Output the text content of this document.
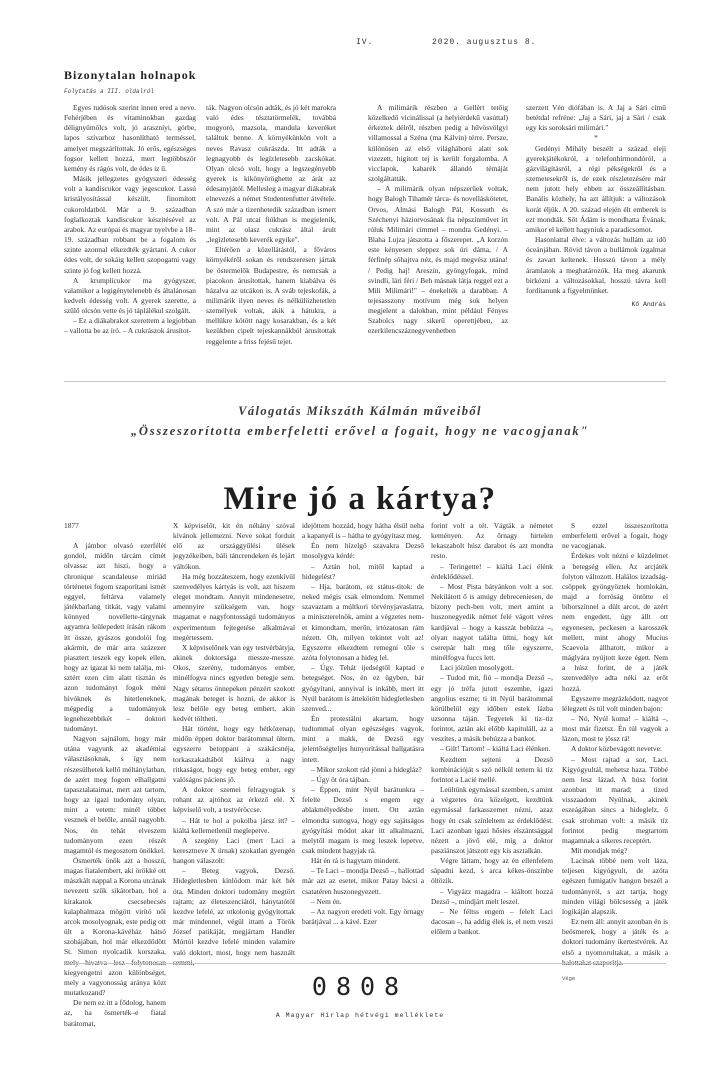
IV.	2020. augusztus 8.
Bizonytalan holnapok
Folytatás a III. oldalról

Egyes tudósok szerint innen ered a neve. Fehérjében és vitaminokban gazdag délignyümölcs volt, jó araszníyi, görbe, lapos szívarhoz hasonlítható terméssel, amelyet megszárítottak. Jó erős, egészséges fogsor kellett hozzá, mert legtöbbször kemény és rágós volt, de édes íz ű.

Másik jellegzetes gyógyszeri édesség volt a kandiscukor vagy jegescukor. Lassú kristályosítással készült, finomított cukoroldatból. Már a 9. században foglalkoztak kandiscukor készítésével az arabok. Az európai és magyar nyelvbe a 18–19. században robbant be a fogalom és szinte azonnal elkezdték gyártani. A cukor édes volt, de sokáig kellett szopogatni vagy szinte jó fog kellett hozzá.

A krumplicukor ma gyógyszer, valamikor a legigénytelenebb és általánosan kedvelt édesség volt. A gyerek szerette, a szülő olcsón vette és jó táplálékul szolgált.

– Ez a diákabrakot szerettem a legjobban – vallotta be az író. – A cukrászok árusítot-

ták. Nagyon olcsón adták, és jó két marokra való édes tésztatörmelék, továbbá mogyoró, mazsola, mandula keveréket találtuk benne. A környékünkön volt a neves Ravasz cukrászda. Itt adták a legnagyobb és legízletesebb zacskókat. Olyan olcsó volt, hogy a legszegényebb gyerek is kikönyöröghette az árát az édesanyjától. Mellesleg a magyar diákabrak elnevezés a német Studentenfutter átvétele. A szó már a tizenhetedik században ismert volt. A Pál utcai fiúkban is megjelenik, mint az olasz cukrász által árult „legízletesebb keverék egyike".

Eltérően a közellátástól, a főváros környékéről sokan és rendszeresen jártak be östermelők Budapestre, és nemcsak a piacokon árusítottak, hanem kiabálva és házalva az utcákon is. A sváb tejeskofák, a milimárik ilyen neves és nélkülözhetetlen személyek voltak, akik a hátukra, a mellükre kötött nagy kosarakban, és a két kezükben cipelt tejeskannákból árusítottak reggelente a friss fejésű tejet.

A milimárik részben a Gellért tetőig közelkedő vicinálissal (a helyiérdekű vasúttal) érkeztek délről, részben pedig a hűvösvölgyi villamossal a Széna (ma Kálvin) térre. Persze, különösen az első világháború alatt sok vizezett, higított tej is került forgalomba. A vicclapok, kabarék állandó témáját szolgáltatták.

– A milimárik olyan népszerűek voltak, hogy Balogh Tihamér tárca- és novelláskötetet, Orvos, Almási Balogh Pál, Kossuth és Széchenyi háziorvosának fia népszínművet írt róluk Milimári címmel – mondta Gedényi. – Blaha Lujza játszotta a főszerepet. „A korzón este kényesen sleppez sok úri dáma, / A férfinép sóhajtva néz, és majd megvész utána! / Pedig haj! Areszín, gyöngyfogak, mind svindli, lári féri / Beh másnak látja reggel ezt a Mili Milimári!" – énekelték a darabban. A tejesasszony motívum még sok helyen megjelent a dalokban, mint például Fényes Szabolcs nagy sikerű operettjében, az ezerkilencszáznegyvenhetben

szerzett Vén diófában is. A Jaj a Sári című betétdal refréne: „Jaj a Sári, jaj a Sári / csak egy kis soroksári milimári."

*

Gedényi Mihály beszélt a század eleji gyerekjátékokról, a telefonhírmondóról, a gázvilágításról, a régi pékségekről és a szemetesekről is, de ezek részletezésére már nem jutott hely ebben az összeállításban. Banálís közhely, ha azt állítjuk: a változások korát éljük. A 20. század elején élt emberek is ezt mondták. Sőt Ádám is mondhatta Évának, amikor el kellett hagyniuk a paradicsomot.

Hasonlattal élve: a változás hullám az idő óceánjában. Rövid távon a hullámok ízgalmat és zavart keltenek. Hosszú távon a mély áramlatok a meghatározók. Ha meg akarunk birkózni a változásokkal, hosszú távra kell fordítanunk a figyelmünket.

Kő András

Válogatás Mikszáth Kálmán műveiből
„Összeszorította emberfeletti erővel a fogait, hogy ne vacogjanak"
Mire jó a kártya?

1877

A jámbor olvasó ezerfélét gondol, midőn tárcám címét olvassa: azt hiszi, hogy a chronique scandaleuse miriád történetei fogom szaporítani ismét eggyel, feltárva valamely játékbarlang titkát, vagy valami könnyed novellette-tárgynak agyamra leülepedett írásán rákom ítt össze, gyászos gondolói fog akármit, de már arra százezer piasztert teszek egy kopek ellen, hogy az igazat ki nem találja, misztért ezen cím alatt tisztán és azon tudományt fogok méni hivóknek és hitetleneknek, mégpedig a tudományok legnehezebbikét – doktori tudományt.

Nagyon sajnálom, hogy már utána vagyunk az akadémiai választásoknak, s így nem részesülhetek kellő méltánylatban, de azért meg fogom elhallgatni tapasztalataimat, mert azt tartom, hogy az igazi tudomány olyan, mint a vetem: minél többet vesznek el belőle, annál nagyobb. Nos, én tehát elveszem tudományom ezen részét magamtól és megosztom önökkel.

Ösmerték önök azt a hosszú, magas fiatalembert, aki örökké ott mászkált nappal a Korona utcának nevezett szűk sikátorban, hol a kirakatok csecsebecsés kalaphalmaza mögött virító női arcok mosolyognak, este pedig ott ült a Korona-kávéház hátsó szobájában, hol már elkezdődött St. Simon nyolcadik korszaka, kiegyengetni azon különbséget, mely a vagyonosság aránya közt mutatkozand?

De nem ez itt a fődolog, hanem az, ha ösmerték–e fiatal barátomat,

X képviselőt, kit én néhány szóval kívánok jellemezni. Neve sokat forduit elő az országgyűlési ülések jegyzékeiben, báli táncrendeken és lejárt váltókon.

Ha még hozzáteszem, hogy ezenkívül szenvedélyes kártyás is volt, azt hiszem eleget mondtam. Annyit mindenesetre, amennyire szükségem van, hogy magamat e nagyfontosságú tudományos experimentum fejtegetése alkalmával megértessem.

X képviselőnek van egy testvérbátyja, akinek doktorsága messze-messze. Okos, szerény, tudományos ember, minélfogva nincs egyetlen betegje sem. Nagy sétaros önnepeken pénzért szokott magának beteget is hozni, de akkor is lesz belőle egy beteg embert, akin kedvét töltheti.

Hát történt, hogy egy hétközenap, midőn éppen doktor barátommal ültem, egyszerre betoppant a szakácsnéja, torkaszakadtából kiáltva a nagy ritkaságot, hogy egy beteg ember, egy valóságos páciens jő.

A doktor szemei felragyogtak s rohant az ajtóhoz az érkező elé. X képviselő volt, a testvéröccse.

– Hát te hol a pokolba jársz itt? – kiáltá kellemetlenül meglepetve.

A szegény Laci (mert Laci a keresztneve X úrnak) szokatlan gyengén hangon válaszolt:

– Beteg vagyok, Dezső. Hidegletlesben kínlódom már két hét óta. Minden doktori tudomány megtört rajtam; az életeszenciától, hánytatótól kezdve lefelé, az otkolonig gyógyítottak már mindennel, végül ittam a Török József patikáját, megjártam Handler Mórtól kezdve lefelé minden valamire való doktort, most, hogy nem használt

idejöttem hozzád, hogy hátha élsül neha a kapanyél is – hátha te gyógyítasz meg.

Én nem hízelgő szavakra Dezső mosolygva kérdé:

– Aztán hol, mitől kaptad a hidegelést?

– Hja, barátom, ez státus-titok: de neked mégis csak elmondom. Nemmel szavaztam a múltkori törvényjavaslatra, a miniszterelnök, amint a végzetes nem-et kimondtam, merőn, irtózatosan rám nézett. Oh, milyen tekintet volt az! Egyszerre elkezdtem remegni tőle s azóta folytonosan a hideg lel.

– Úgy. Tehát ijedségtől kaptad e betegséget. Nos, én ez ügyben, bár gyógyítani, annyival is inkább, mert itt Nyúl barátom is áttekötött hidegletlesben szenved...

Én protestálni akartam, hogy tudtommal olyan egészséges vagyok, mint a makk, de Dezső egy jelentőségteljes hunyorítással hallgatásra intett.

– Mikor szokott rád jönni a hidegláz?

– Úgy öt óra tájban.

– Éppen, mint Nyúl barátunkra – felelte Dezső s engem egy ablakmélyedésbe intett. Ott aztán elmondta suttogva, hogy egy sajátságos gyógyítási módot akar itt alkalmazni, melytől magam is meg leszek lepetve, csak mindent hagyjak rá.

Hát én rá is hagytam mindent.

– Te Laci – mondja Dezső –, hallottad már azt az esetet, mikor Patay bácsi a csatatéren huszonegyezett.

– Nem én.

– Az nagyon eredeti volt. Egy örnagy barátjával ... a kávé. Ezer

forint volt a tét. Vágták a németet keményen. Az őrnagy hirtelen lekaszabolt húsz darabot és azt mondta resto.

– Teringette! – kiáltá Laci élénk érdeklődéssel.

– Most Pista bátyánkon volt a sor. Nekilátott ő is amúgy debreceniesen, de bizony pech-ben volt, mert amint a huszonegyedik német felé vágott véres kardjával – hogy a kasszát bebüzza –, olyan nagyot találta üttni, hogy két cserepár halt meg tőle egyszerre, minélfogva fuccs lett.

Laci jóízűen mosolygott.

– Tudod mit, fiú – mondja Dezső –, egy jó tréfa jutott eszembe, igazi angolius eszme; ti itt Nyúl barátommal körülbelül egy időben estek lázba uzsonna táján. Tegyetek ki tiz–tiz forintot, aztán aki előbb kapituláll, az a veszítes, a másik behúzza a bankot.

– Gilt! Tartom! – kiáltá Laci élénken.

Kezdtem sejteni a Dezső kombinációját s szó nélkül tettem ki tíz forintot a Lacié mellé.

Leültünk egymással szemben, s amint a végzetes óra közelgett, kezdtünk egymással farkasszemet nézni, azaz hogy én csak színleltem az érdeklődést. Laci azonban igazi hősies elszántsággal nézett a jövő elé, míg a doktor pasziánszot játszott egy kis asztalkán.

Végre láttam, hogy az én ellenfelem sápadni kezd, s arca kékes-önszínbe öltözik.

– Vigyázz magadra – kiáltott hozzá Dezső –, mindjárt melt leszel.

– Ne féltss engem – felelt Laci dacosan –, ha addig élek is, el nem veszi előlem a bankot.

S ezzel összeszorította emberfeletti erővel a fogait, hogy ne vacogjanak.

Érdekes volt nézni e küzdelmet a betegség ellen. Az arcjáték folyton változott. Halálos izzadság-csöppek gyöngyöztek homlokán, majd a forróság öntötte el bíborszínnel a dült arcot, de azért nem engedett, úgy állt ott egyenesen, peckesen a karosszék mellett, mint ahogy Mucius Scaevola állhatott, mikor a máglyára nyújtott keze égett. Nem a húsz forint, de a játék szenvedélye adta néki az erőt hozzá.

Egyszerre megrázkódott, nagyot lélegzett és túl volt minden bajon:

– Nó, Nyúl koma! – kiáltá –, most már fizetsz. Én túl vagyok a lázon, most te jössz rá!

A doktor közbevágott nevetve:

– Most rajtad a sor, Laci. Kígyógyultál, mehetsz haza. Többé nem lesz lázad. A húsz forint azonban itt marad; a tized visszaadom Nyúlnak, akinek eszeágában sincs a hideglelz, ő csak strohman volt: a másik tíz forintot pedig megtartom magamnak a sikeres receptért.

Mit mondjak még?

Lacinak többé nem volt láza, teljesen kigyógyult, de azóta egészen fumigatív hangon beszél a tudományról, s azt tartja, hogy minden világi bölcsesség a játék logikáján alapszik.

Ez nem áll: annyit azonban én is beösmerek, hogy a játék és a doktori tudomány ikertestvérek. Az első a nyomorultakat, a másik a

Vége

0808
A Magyar Hírlap hétvégi melléklete
